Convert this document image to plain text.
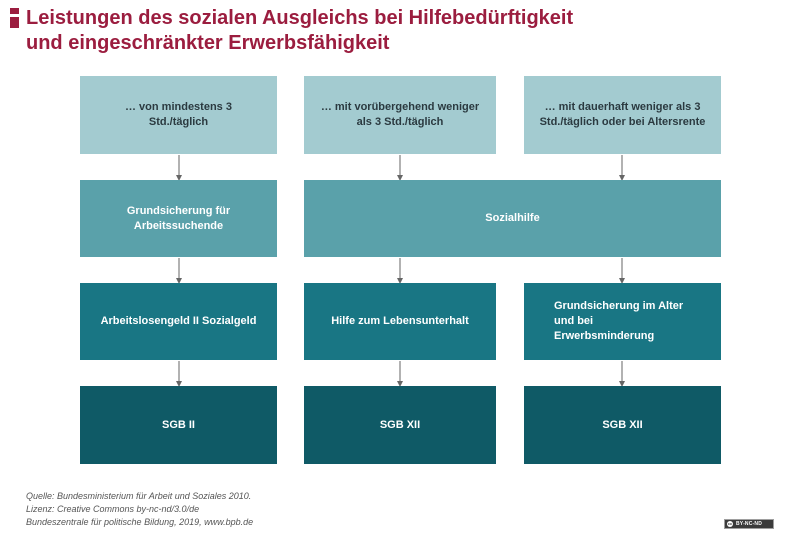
Leistungen des sozialen Ausgleichs bei Hilfebedürftigkeit
und eingeschränkter Erwerbsfähigkeit
… von mindestens 3 Std./täglich
… mit vorübergehend weniger als 3 Std./täglich
… mit dauerhaft weniger als 3 Std./täglich oder bei Altersrente
Grundsicherung für Arbeitssuchende
Sozialhilfe
Arbeitslosengeld II Sozialgeld	Hilfe zum Lebensunterhalt
Grundsicherung im Alter und bei Erwerbsminderung
SGB II	SGB XII	SGB XII
Quelle: Bundesministerium für Arbeit und Soziales 2010.
Lizenz: Creative Commons by-nc-nd/3.0/de
Bundeszentrale für politische Bildung, 2019, www.bpb.de	cc BY-NC-ND
